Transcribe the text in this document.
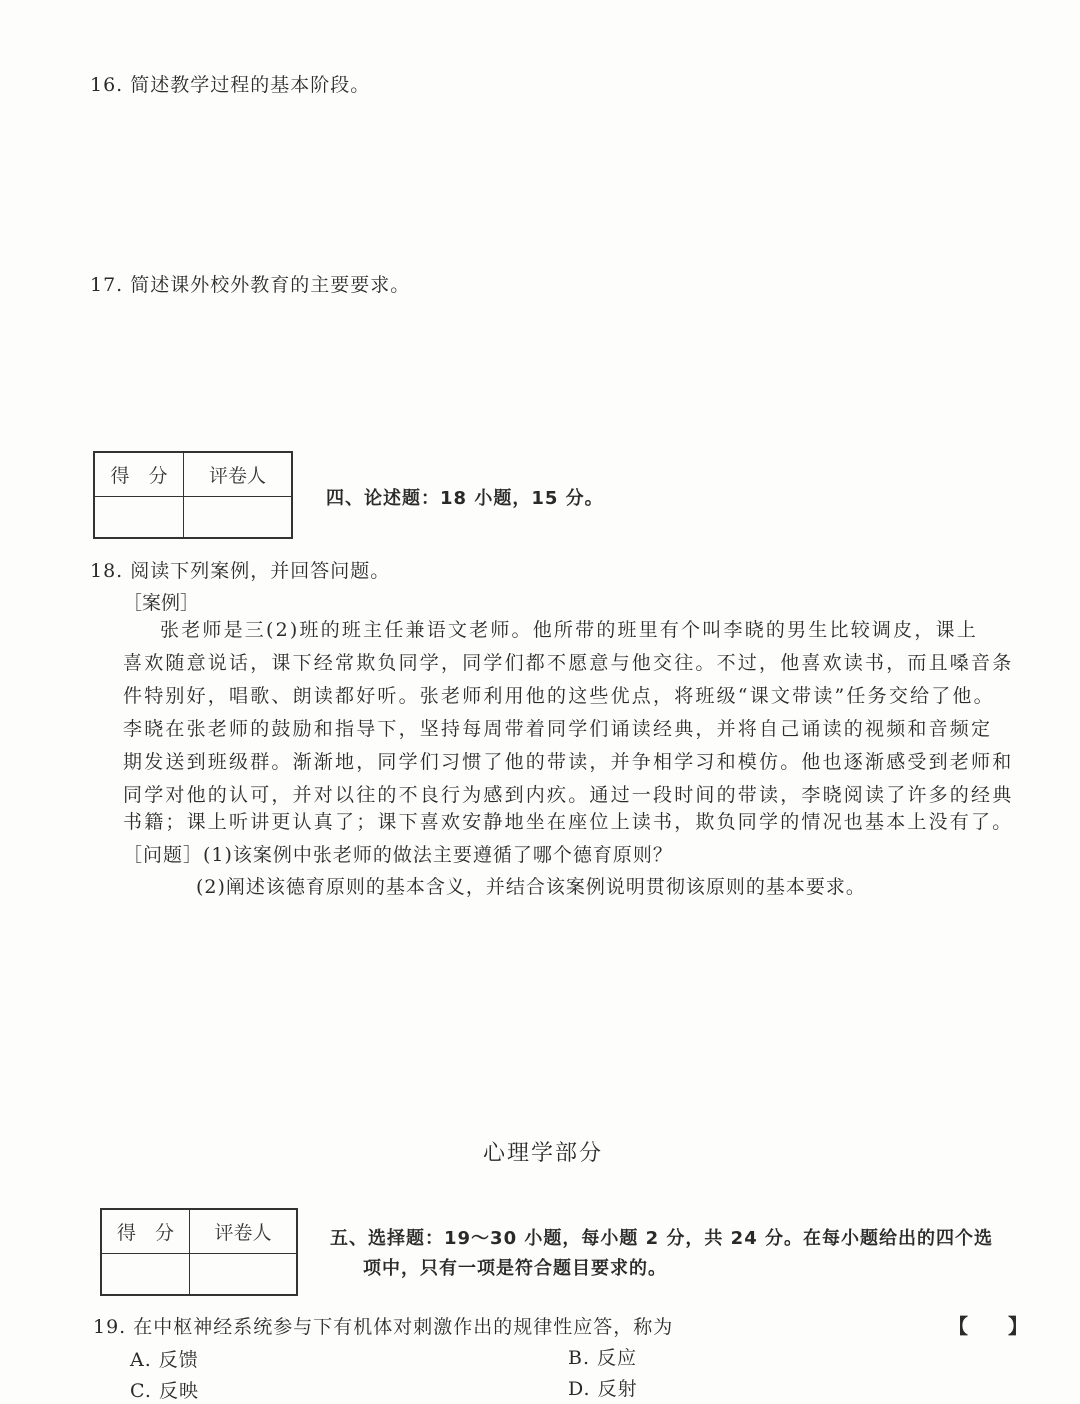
16. 简述教学过程的基本阶段。
17. 简述课外校外教育的主要要求。
得　分	评卷人

四、论述题：18 小题，15 分。
18. 阅读下列案例，并回答问题。
［案例］
张老师是三(2)班的班主任兼语文老师。他所带的班里有个叫李晓的男生比较调皮，课上
喜欢随意说话，课下经常欺负同学，同学们都不愿意与他交往。不过，他喜欢读书，而且嗓音条
件特别好，唱歌、朗读都好听。张老师利用他的这些优点，将班级“课文带读”任务交给了他。
李晓在张老师的鼓励和指导下，坚持每周带着同学们诵读经典，并将自己诵读的视频和音频定
期发送到班级群。渐渐地，同学们习惯了他的带读，并争相学习和模仿。他也逐渐感受到老师和
同学对他的认可，并对以往的不良行为感到内疚。通过一段时间的带读，李晓阅读了许多的经典
书籍；课上听讲更认真了；课下喜欢安静地坐在座位上读书，欺负同学的情况也基本上没有了。
［问题］(1)该案例中张老师的做法主要遵循了哪个德育原则？
(2)阐述该德育原则的基本含义，并结合该案例说明贯彻该原则的基本要求。
心理学部分
得　分	评卷人
		五、选择题：19～30 小题，每小题 2 分，共 24 分。在每小题给出的四个选
项中，只有一项是符合题目要求的。
19. 在中枢神经系统参与下有机体对刺激作出的规律性应答，称为	【　　】
A. 反馈	B. 反应
C. 反映	D. 反射
